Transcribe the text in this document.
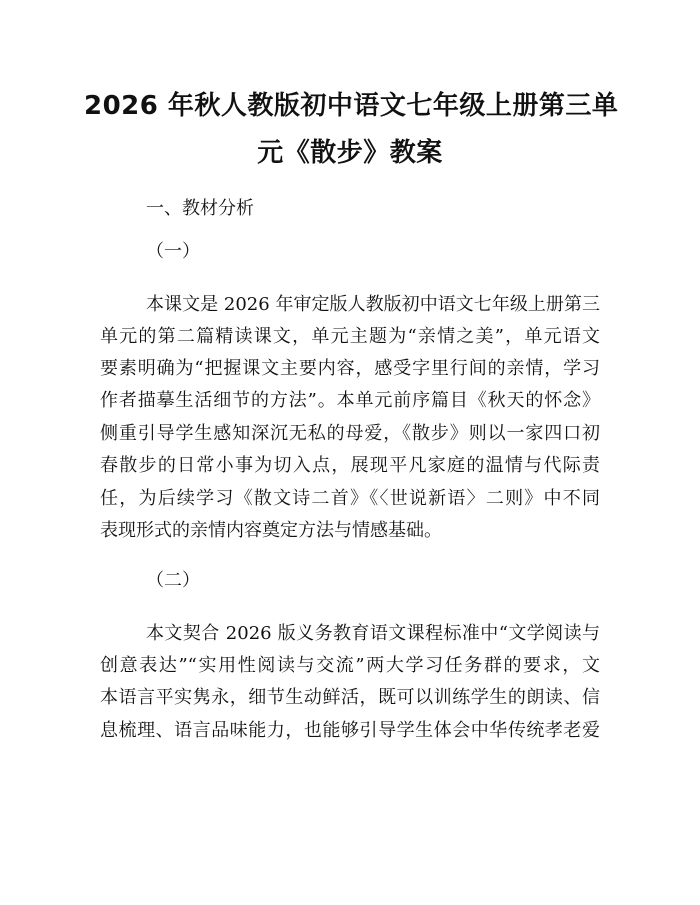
2026 年秋人教版初中语文七年级上册第三单
元《散步》教案
一、教材分析
（一）
本课文是 2026 年审定版人教版初中语文七年级上册第三
单元的第二篇精读课文，单元主题为“亲情之美”，单元语文
要素明确为“把握课文主要内容，感受字里行间的亲情，学习
作者描摹生活细节的方法”。本单元前序篇目《秋天的怀念》
侧重引导学生感知深沉无私的母爱，《散步》则以一家四口初
春散步的日常小事为切入点，展现平凡家庭的温情与代际责
任，为后续学习《散文诗二首》《〈世说新语〉二则》中不同
表现形式的亲情内容奠定方法与情感基础。
（二）
本文契合 2026 版义务教育语文课程标准中“文学阅读与
创意表达”“实用性阅读与交流”两大学习任务群的要求，文
本语言平实隽永，细节生动鲜活，既可以训练学生的朗读、信
息梳理、语言品味能力，也能够引导学生体会中华传统孝老爱
